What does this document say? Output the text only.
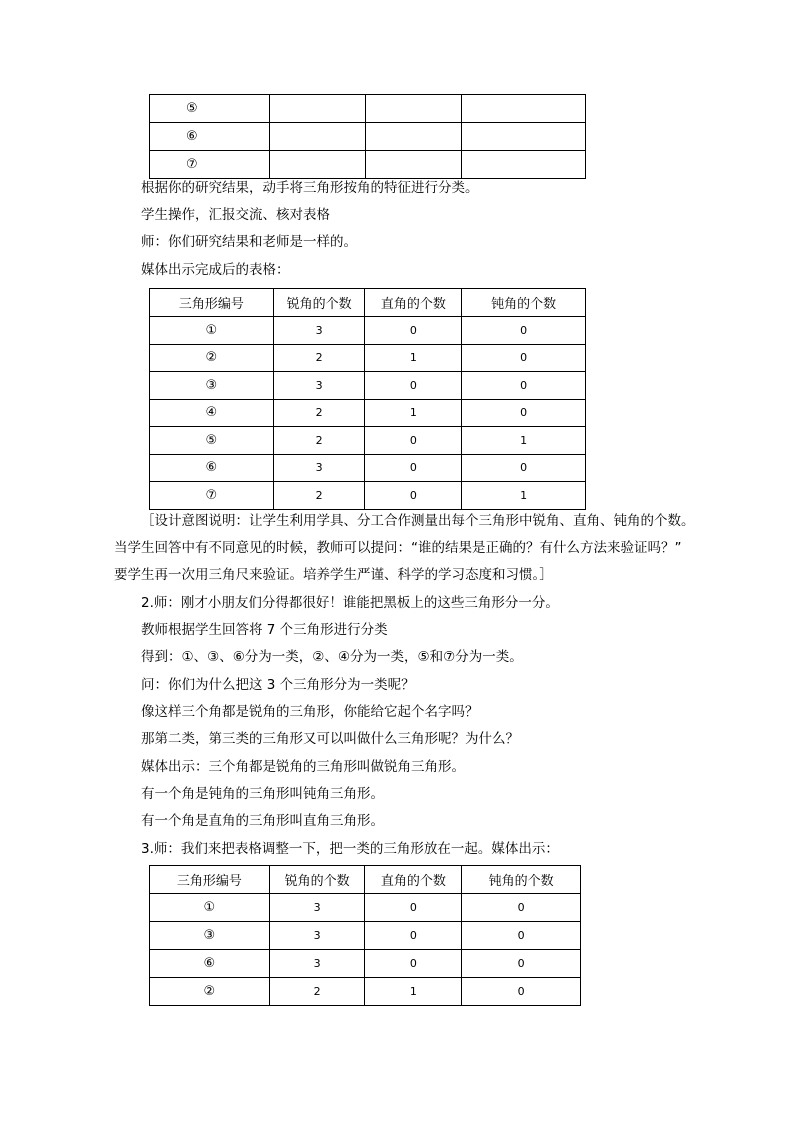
⑤			
⑥			
⑦			
根据你的研究结果，动手将三角形按角的特征进行分类。
学生操作，汇报交流、核对表格
师：你们研究结果和老师是一样的。
媒体出示完成后的表格：
三角形编号	锐角的个数	直角的个数	钝角的个数
①	3	0	0
②	2	1	0
③	3	0	0
④	2	1	0
⑤	2	0	1
⑥	3	0	0
⑦	2	0	1
［设计意图说明：让学生利用学具、分工合作测量出每个三角形中锐角、直角、钝角的个数。
当学生回答中有不同意见的时候，教师可以提问：“谁的结果是正确的？有什么方法来验证吗？”
要学生再一次用三角尺来验证。培养学生严谨、科学的学习态度和习惯。］
2.师：刚才小朋友们分得都很好！谁能把黑板上的这些三角形分一分。
教师根据学生回答将 7 个三角形进行分类
得到：①、③、⑥分为一类，②、④分为一类，⑤和⑦分为一类。
问：你们为什么把这 3 个三角形分为一类呢？
像这样三个角都是锐角的三角形，你能给它起个名字吗？
那第二类，第三类的三角形又可以叫做什么三角形呢？为什么？
媒体出示：三个角都是锐角的三角形叫做锐角三角形。
有一个角是钝角的三角形叫钝角三角形。
有一个角是直角的三角形叫直角三角形。
3.师：我们来把表格调整一下，把一类的三角形放在一起。媒体出示：
三角形编号	锐角的个数	直角的个数	钝角的个数
①	3	0	0
③	3	0	0
⑥	3	0	0
②	2	1	0
